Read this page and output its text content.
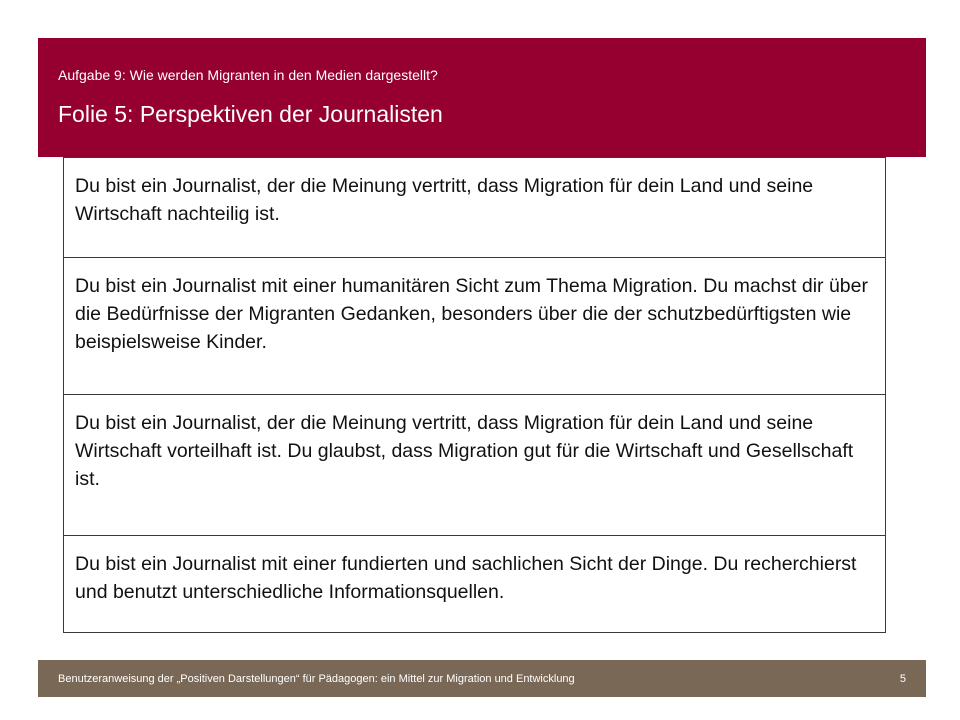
Aufgabe 9: Wie werden Migranten in den Medien dargestellt?
Folie 5: Perspektiven der Journalisten
Du bist ein Journalist, der die Meinung vertritt, dass Migration für dein Land und seine Wirtschaft nachteilig ist.
Du bist ein Journalist mit einer humanitären Sicht zum Thema Migration. Du machst dir über die Bedürfnisse der Migranten Gedanken, besonders über die der schutzbedürftigsten wie beispielsweise Kinder.
Du bist ein Journalist, der die Meinung vertritt, dass Migration für dein Land und seine Wirtschaft vorteilhaft ist. Du glaubst, dass Migration gut für die Wirtschaft und Gesellschaft ist.
Du bist ein Journalist mit einer fundierten und sachlichen Sicht der Dinge. Du recherchierst und benutzt unterschiedliche Informationsquellen.
Benutzeranweisung der „Positiven Darstellungen“ für Pädagogen: ein Mittel zur Migration und Entwicklung	5
